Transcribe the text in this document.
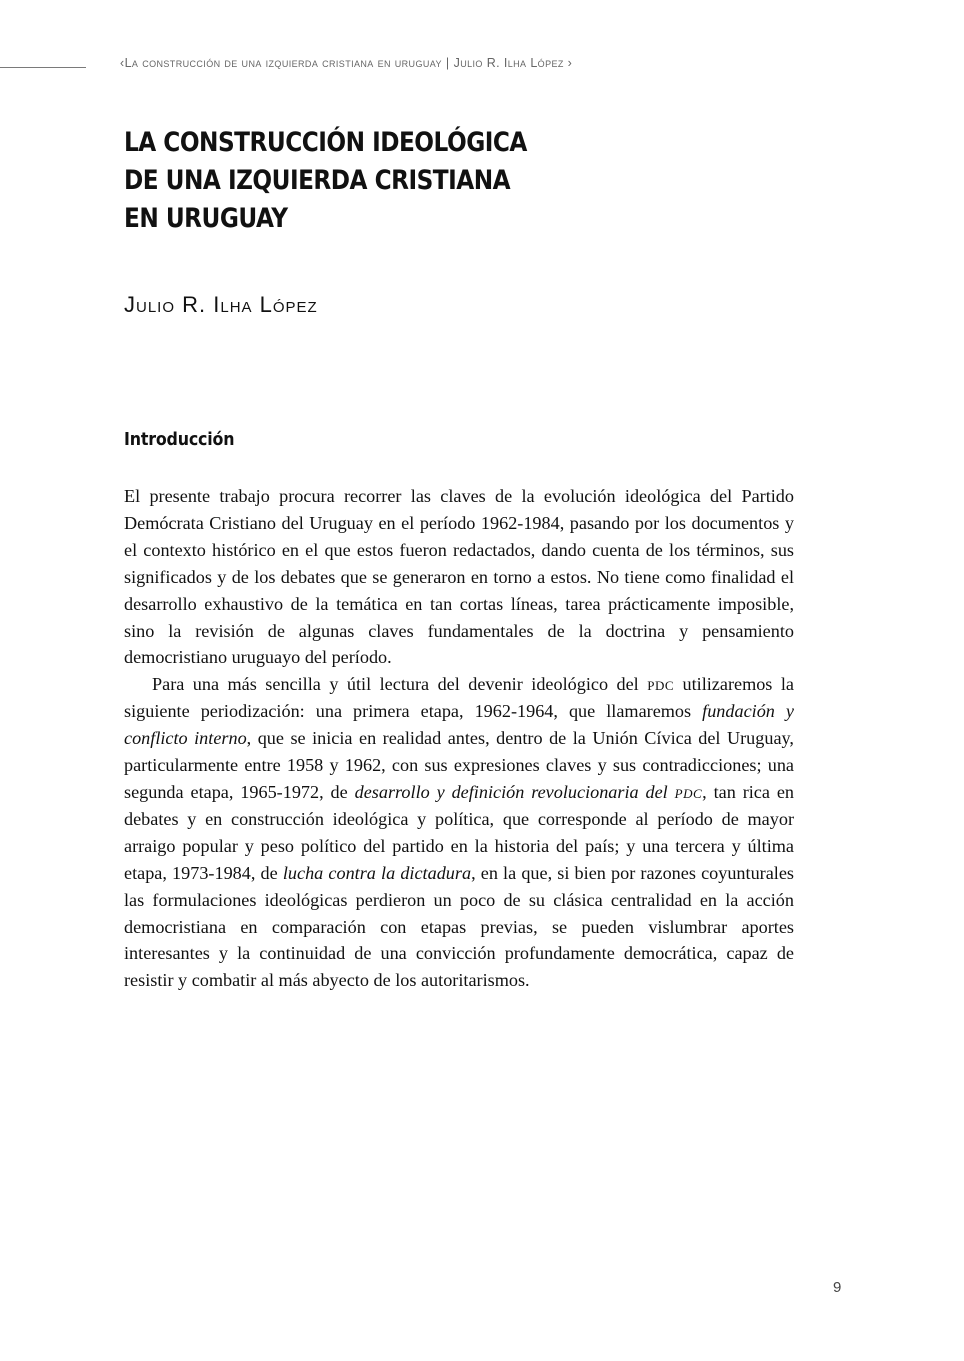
‹La construcción de una izquierda cristiana en uruguay | Julio R. Ilha López ›
LA CONSTRUCCIÓN IDEOLÓGICA
DE UNA IZQUIERDA CRISTIANA
EN URUGUAY
Julio R. Ilha López
Introducción

El presente trabajo procura recorrer las claves de la evolución ideológica del Partido Demócrata Cristiano del Uruguay en el período 1962-1984, pasando por los documentos y el contexto histórico en el que estos fueron redactados, dando cuenta de los términos, sus significados y de los debates que se generaron en torno a estos. No tiene como finalidad el desarrollo exhaustivo de la temática en tan cortas líneas, tarea prácticamente imposible, sino la revisión de algunas claves fundamentales de la doctrina y pensamiento democristiano uruguayo del período.

Para una más sencilla y útil lectura del devenir ideológico del pdc utilizaremos la siguiente periodización: una primera etapa, 1962-1964, que llamaremos fundación y conflicto interno, que se inicia en realidad antes, dentro de la Unión Cívica del Uruguay, particularmente entre 1958 y 1962, con sus expresiones claves y sus contradicciones; una segunda etapa, 1965-1972, de desarrollo y definición revolucionaria del pdc, tan rica en debates y en construcción ideológica y política, que corresponde al período de mayor arraigo popular y peso político del partido en la historia del país; y una tercera y última etapa, 1973-1984, de lucha contra la dictadura, en la que, si bien por razones coyunturales las formulaciones ideológicas perdieron un poco de su clásica centralidad en la acción democristiana en comparación con etapas previas, se pueden vislumbrar aportes interesantes y la continuidad de una convicción profundamente democrática, capaz de resistir y combatir al más abyecto de los autoritarismos.

9
